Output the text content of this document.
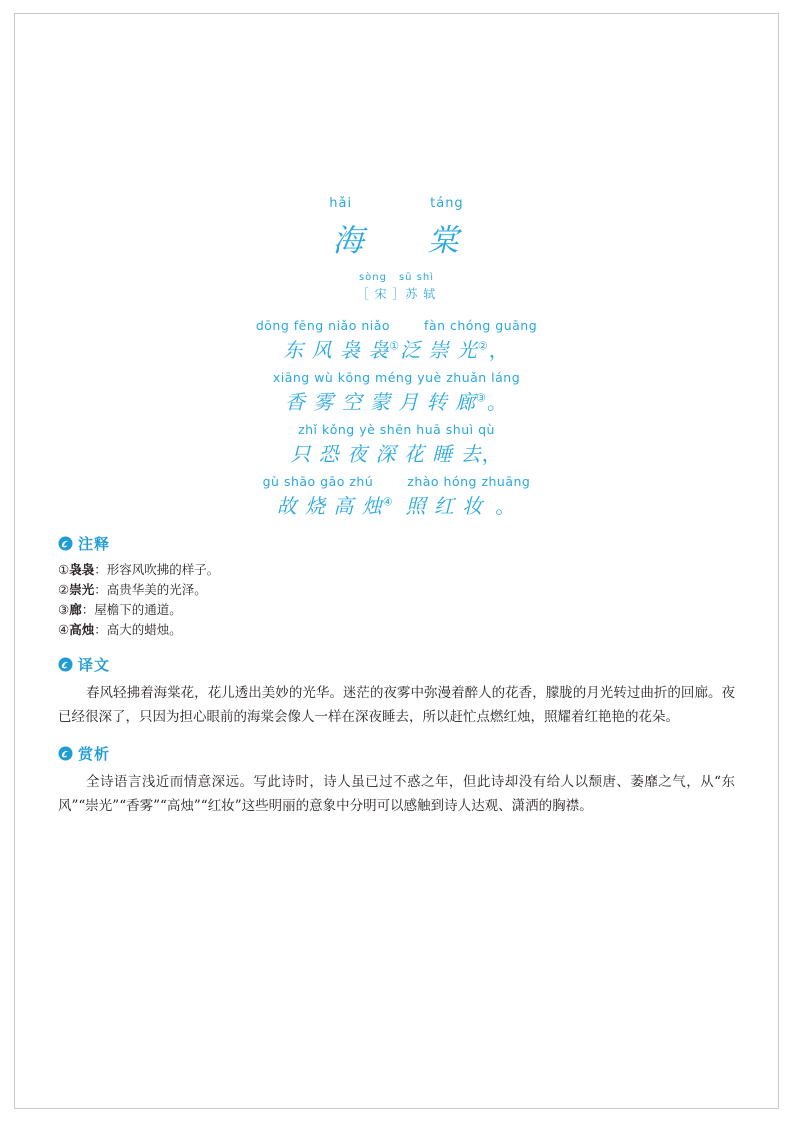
hǎi	táng
海 棠
sòng sū shì
［ 宋 ］苏 轼
dōng fēng niǎo niǎo	fàn chóng guāng
东 风 袅 袅①泛 崇 光②，
xiāng wù kōng méng yuè zhuǎn láng
香 雾 空 蒙 月 转 廊③。
zhǐ kǒng yè shēn huā shuì qù
只 恐 夜 深 花 睡 去，
gù shāo gāo zhú	zhào hóng zhuāng
故 烧 高 烛④ 照 红 妆 。
注释
①袅袅：形容风吹拂的样子。
②崇光：高贵华美的光泽。
③廊：屋檐下的通道。
④高烛：高大的蜡烛。
译文
春风轻拂着海棠花，花儿透出美妙的光华。迷茫的夜雾中弥漫着醉人的花香，朦胧的月光转过曲折的回廊。夜已经很深了，只因为担心眼前的海棠会像人一样在深夜睡去，所以赶忙点燃红烛，照耀着红艳艳的花朵。
赏析
全诗语言浅近而情意深远。写此诗时，诗人虽已过不惑之年，但此诗却没有给人以颓唐、萎靡之气，从“东风”“崇光”“香雾”“高烛”“红妆”这些明丽的意象中分明可以感触到诗人达观、潇洒的胸襟。
